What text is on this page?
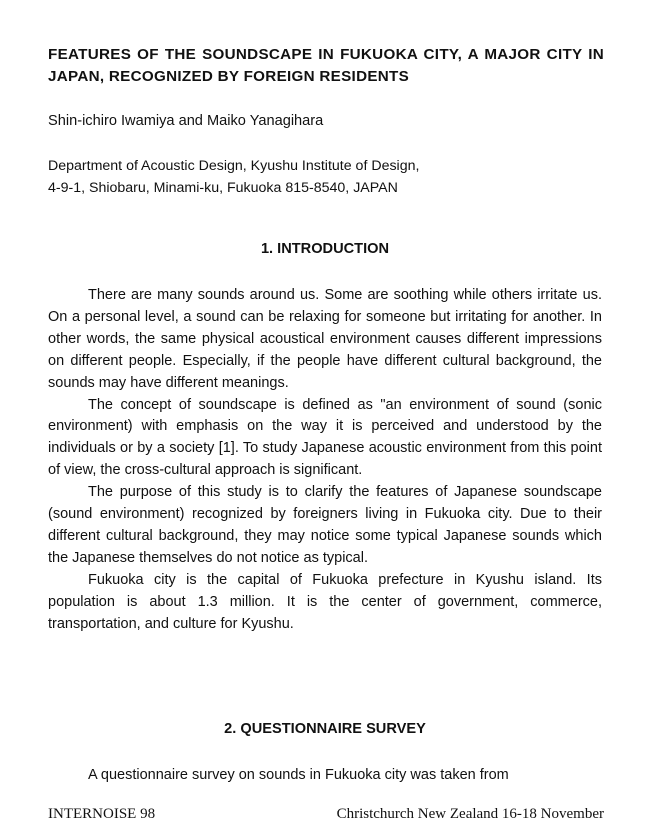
FEATURES OF THE SOUNDSCAPE IN FUKUOKA CITY, A MAJOR CITY IN JAPAN, RECOGNIZED BY FOREIGN RESIDENTS

Shin-ichiro Iwamiya and Maiko Yanagihara

Department of Acoustic Design, Kyushu Institute of Design,
4-9-1, Shiobaru, Minami-ku, Fukuoka 815-8540, JAPAN

1. INTRODUCTION

There are many sounds around us. Some are soothing while others irritate us. On a personal level, a sound can be relaxing for someone but irritating for another. In other words, the same physical acoustical environment causes different impressions on different people. Especially, if the people have different cultural background, the sounds may have different meanings.

The concept of soundscape is defined as "an environment of sound (sonic environment) with emphasis on the way it is perceived and understood by the individuals or by a society [1]. To study Japanese acoustic environment from this point of view, the cross-cultural approach is significant.

The purpose of this study is to clarify the features of Japanese soundscape (sound environment) recognized by foreigners living in Fukuoka city. Due to their different cultural background, they may notice some typical Japanese sounds which the Japanese themselves do not notice as typical.

Fukuoka city is the capital of Fukuoka prefecture in Kyushu island. Its population is about 1.3 million. It is the center of government, commerce, transportation, and culture for Kyushu.

2. QUESTIONNAIRE SURVEY

A questionnaire survey on sounds in Fukuoka city was taken from

INTERNOISE 98	Christchurch New Zealand 16-18 November
